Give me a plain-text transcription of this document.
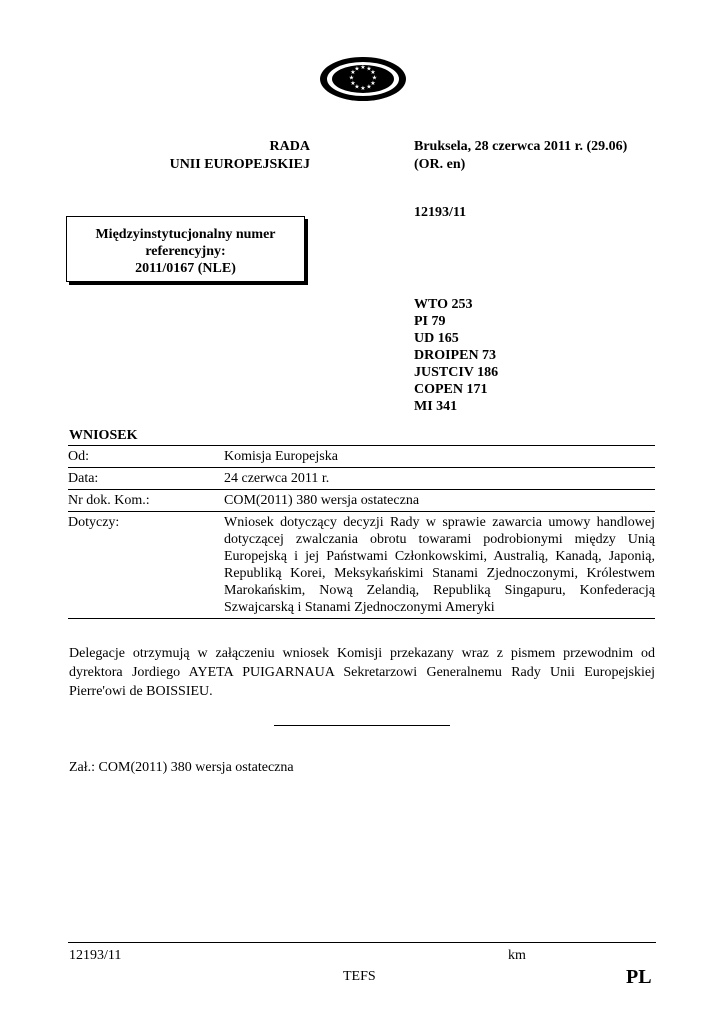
★ ★
★
★
★
★
★
★
★
★
★
★
RADA
UNII EUROPEJSKIEJ
Bruksela, 28 czerwca 2011 r. (29.06)
(OR. en)
12193/11
Międzyinstytucjonalny numer
referencyjny:
2011/0167 (NLE)
WTO 253
PI 79
UD 165
DROIPEN 73
JUSTCIV 186
COPEN 171
MI 341
WNIOSEK
Od:	Komisja Europejska
Data:	24 czerwca 2011 r.
Nr dok. Kom.:	COM(2011) 380 wersja ostateczna
Dotyczy:	Wniosek dotyczący decyzji Rady w sprawie zawarcia umowy handlowej dotyczącej zwalczania obrotu towarami podrobionymi między Unią Europejską i jej Państwami Członkowskimi, Australią, Kanadą, Japonią, Republiką Korei, Meksykańskimi Stanami Zjednoczonymi, Królestwem Marokańskim, Nową Zelandią, Republiką Singapuru, Konfederacją Szwajcarską i Stanami Zjednoczonymi Ameryki
Delegacje otrzymują w załączeniu wniosek Komisji przekazany wraz z pismem przewodnim od dyrektora Jordiego AYETA PUIGARNAUA Sekretarzowi Generalnemu Rady Unii Europejskiej Pierre'owi de BOISSIEU.
Zał.: COM(2011) 380 wersja ostateczna
12193/11	km
TEFS	PL
